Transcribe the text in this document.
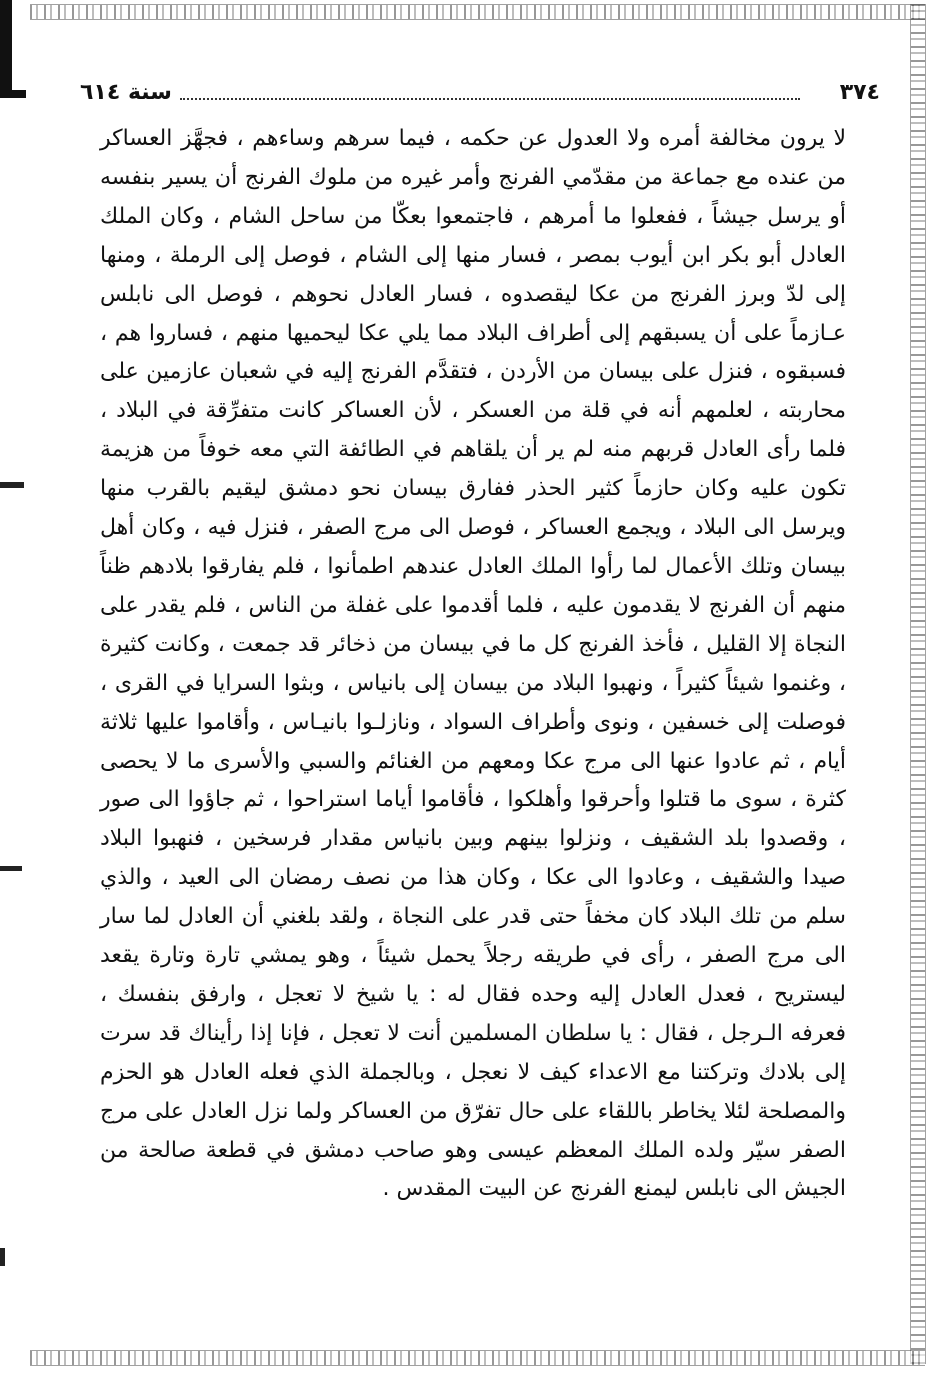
٣٧٤
سنة ٦١٤

لا يرون مخالفة أمره ولا العدول عن حكمه ، فيما سرهم وساءهم ، فجهَّز العساكر من عنده مع جماعة من مقدّمي الفرنج وأمر غيره من ملوك الفرنج أن يسير بنفسه أو يرسل جيشاً ، ففعلوا ما أمرهم ، فاجتمعوا بعكّا من ساحل الشام ، وكان الملك العادل أبو بكر ابن أيوب بمصر ، فسار منها إلى الشام ، فوصل إلى الرملة ، ومنها إلى لدّ وبرز الفرنج من عكا ليقصدوه ، فسار العادل نحوهم ، فوصل الى نابلس عـازماً على أن يسبقهم إلى أطراف البلاد مما يلي عكا ليحميها منهم ، فساروا هم ، فسبقوه ، فنزل على بيسان من الأردن ، فتقدَّم الفرنج إليه في شعبان عازمين على محاربته ، لعلمهم أنه في قلة من العسكر ، لأن العساكر كانت متفرِّقة في البلاد ، فلما رأى العادل قربهم منه لم ير أن يلقاهم في الطائفة التي معه خوفاً من هزيمة تكون عليه وكان حازماً كثير الحذر ففارق بيسان نحو دمشق ليقيم بالقرب منها ويرسل الى البلاد ، ويجمع العساكر ، فوصل الى مرج الصفر ، فنزل فيه ، وكان أهل بيسان وتلك الأعمال لما رأوا الملك العادل عندهم اطمأنوا ، فلم يفارقوا بلادهم ظناً منهم أن الفرنج لا يقدمون عليه ، فلما أقدموا على غفلة من الناس ، فلم يقدر على النجاة إلا القليل ، فأخذ الفرنج كل ما في بيسان من ذخائر قد جمعت ، وكانت كثيرة ، وغنموا شيئاً كثيراً ، ونهبوا البلاد من بيسان إلى بانياس ، وبثوا السرايا في القرى ، فوصلت إلى خسفين ، ونوى وأطراف السواد ، ونازلـوا بانيـاس ، وأقاموا عليها ثلاثة أيام ، ثم عادوا عنها الى مرج عكا ومعهم من الغنائم والسبي والأسرى ما لا يحصى كثرة ، سوى ما قتلوا وأحرقوا وأهلكوا ، فأقاموا أياما استراحوا ، ثم جاؤوا الى صور ، وقصدوا بلد الشقيف ، ونزلوا بينهم وبين بانياس مقدار فرسخين ، فنهبوا البلاد صيدا والشقيف ، وعادوا الى عكا ، وكان هذا من نصف رمضان الى العيد ، والذي سلم من تلك البلاد كان مخفاً حتى قدر على النجاة ، ولقد بلغني أن العادل لما سار الى مرج الصفر ، رأى في طريقه رجلاً يحمل شيئاً ، وهو يمشي تارة وتارة يقعد ليستريح ، فعدل العادل إليه وحده فقال له : يا شيخ لا تعجل ، وارفق بنفسك ، فعرفه الـرجل ، فقال : يا سلطان المسلمين أنت لا تعجل ، فإنا إذا رأيناك قد سرت إلى بلادك وتركتنا مع الاعداء كيف لا نعجل ، وبالجملة الذي فعله العادل هو الحزم والمصلحة لئلا يخاطر باللقاء على حال تفرّق من العساكر ولما نزل العادل على مرج الصفر سيّر ولده الملك المعظم عيسى وهو صاحب دمشق في قطعة صالحة من الجيش الى نابلس ليمنع الفرنج عن البيت المقدس .
